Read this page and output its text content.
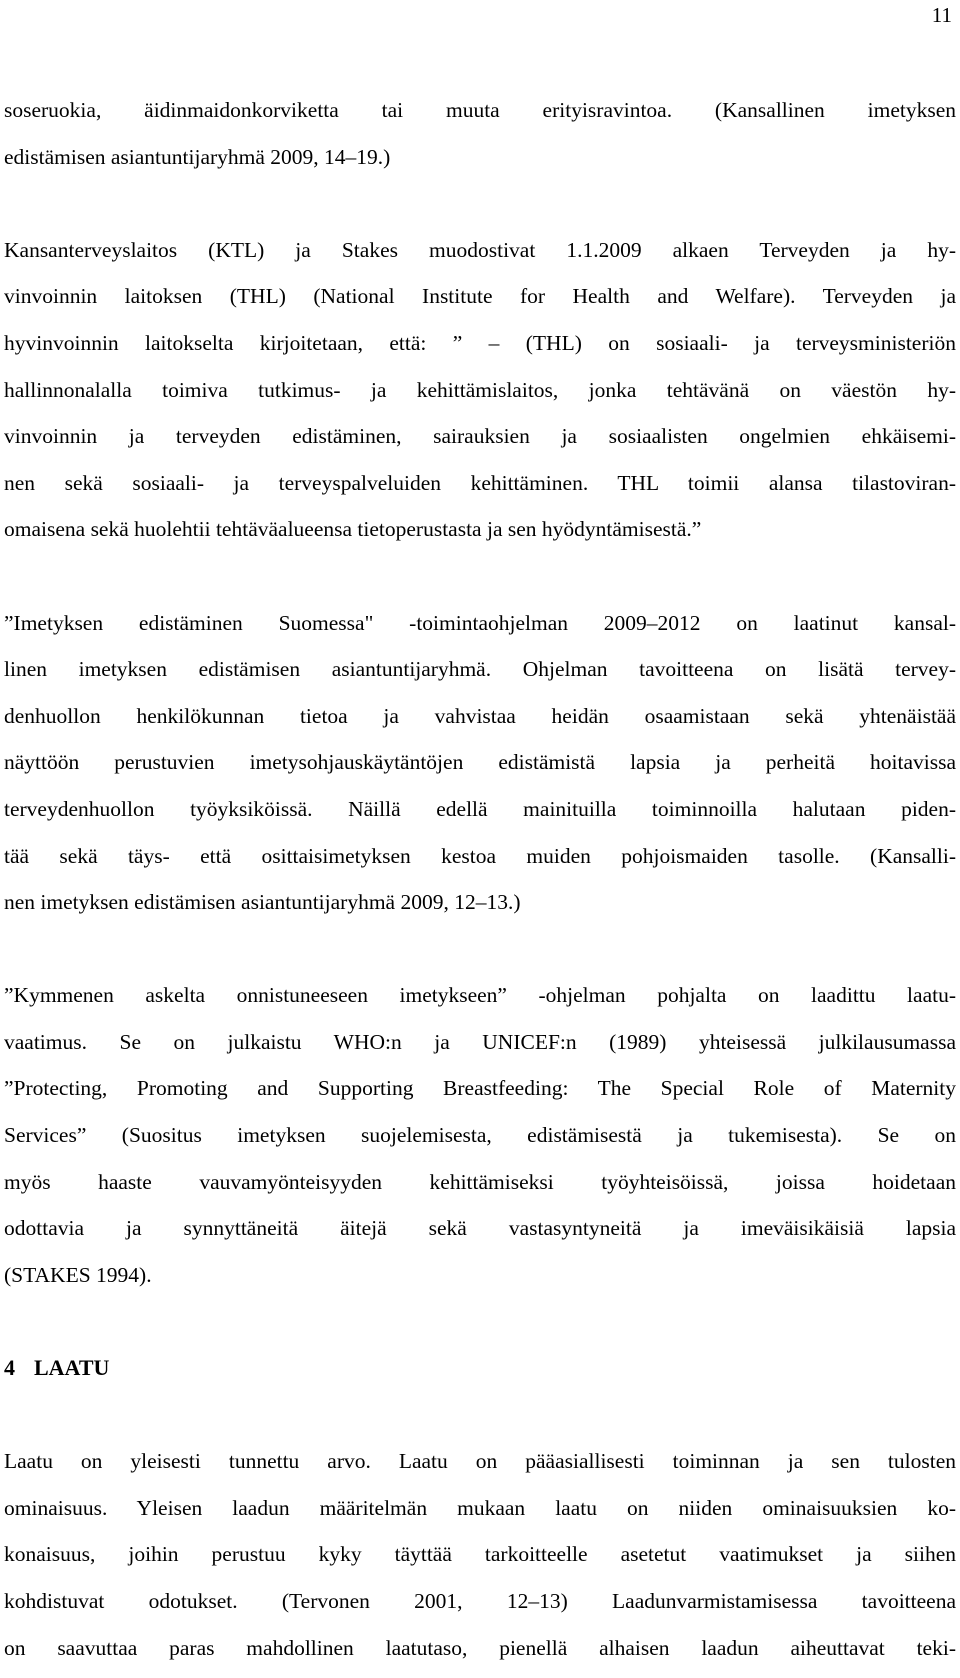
11
soseruokia, äidinmaidonkorviketta tai muuta erityisravintoa. (Kansallinen imetyksen
edistämisen asiantuntijaryhmä 2009, 14–19.)
Kansanterveyslaitos (KTL) ja Stakes muodostivat 1.1.2009 alkaen Terveyden ja hy-
vinvoinnin laitoksen (THL) (National Institute for Health and Welfare). Terveyden ja
hyvinvoinnin laitokselta kirjoitetaan, että: ” – (THL) on sosiaali- ja terveysministeriön
hallinnonalalla toimiva tutkimus- ja kehittämislaitos, jonka tehtävänä on väestön hy-
vinvoinnin ja terveyden edistäminen, sairauksien ja sosiaalisten ongelmien ehkäisemi-
nen sekä sosiaali- ja terveyspalveluiden kehittäminen. THL toimii alansa tilastoviran-
omaisena sekä huolehtii tehtäväalueensa tietoperustasta ja sen hyödyntämisestä.”
”Imetyksen edistäminen Suomessa" -toimintaohjelman 2009–2012 on laatinut kansal-
linen imetyksen edistämisen asiantuntijaryhmä. Ohjelman tavoitteena on lisätä tervey-
denhuollon henkilökunnan tietoa ja vahvistaa heidän osaamistaan sekä yhtenäistää
näyttöön perustuvien imetysohjauskäytäntöjen edistämistä lapsia ja perheitä hoitavissa
terveydenhuollon työyksiköissä. Näillä edellä mainituilla toiminnoilla halutaan piden-
tää sekä täys- että osittaisimetyksen kestoa muiden pohjoismaiden tasolle. (Kansalli-
nen imetyksen edistämisen asiantuntijaryhmä 2009, 12–13.)
”Kymmenen askelta onnistuneeseen imetykseen” -ohjelman pohjalta on laadittu laatu-
vaatimus. Se on julkaistu WHO:n ja UNICEF:n (1989) yhteisessä julkilausumassa
”Protecting, Promoting and Supporting Breastfeeding: The Special Role of Maternity
Services” (Suositus imetyksen suojelemisesta, edistämisestä ja tukemisesta). Se on
myös haaste vauvamyönteisyyden kehittämiseksi työyhteisöissä, joissa hoidetaan
odottavia ja synnyttäneitä äitejä sekä vastasyntyneitä ja imeväisikäisiä lapsia
(STAKES 1994).
4 LAATU
Laatu on yleisesti tunnettu arvo. Laatu on pääasiallisesti toiminnan ja sen tulosten
ominaisuus. Yleisen laadun määritelmän mukaan laatu on niiden ominaisuuksien ko-
konaisuus, joihin perustuu kyky täyttää tarkoitteelle asetetut vaatimukset ja siihen
kohdistuvat odotukset. (Tervonen 2001, 12–13) Laadunvarmistamisessa tavoitteena
on saavuttaa paras mahdollinen laatutaso, pienellä alhaisen laadun aiheuttavat teki-
